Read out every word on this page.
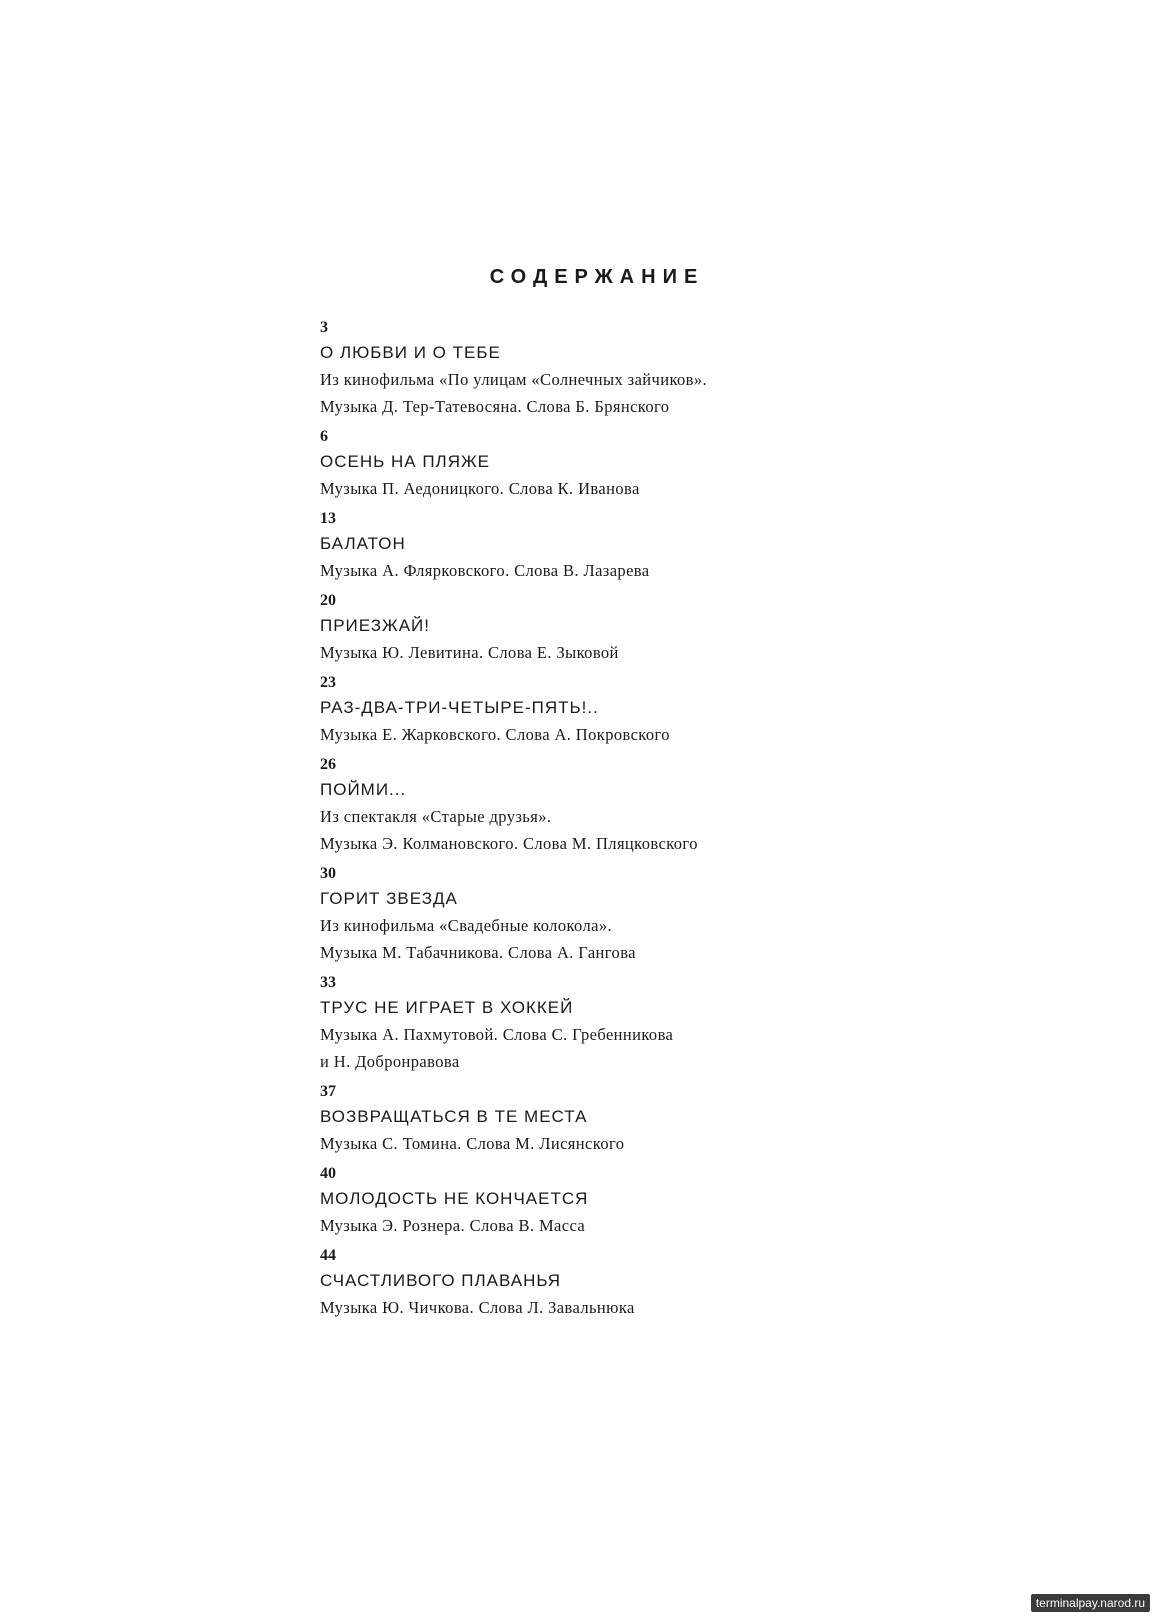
СОДЕРЖАНИЕ
3
О ЛЮБВИ И О ТЕБЕ
Из кинофильма «По улицам «Солнечных зайчиков».
Музыка Д. Тер-Татевосяна. Слова Б. Брянского
6
ОСЕНЬ НА ПЛЯЖЕ
Музыка П. Аедоницкого. Слова К. Иванова
13
БАЛАТОН
Музыка А. Флярковского. Слова В. Лазарева
20
ПРИЕЗЖАЙ!
Музыка Ю. Левитина. Слова Е. Зыковой
23
РАЗ-ДВА-ТРИ-ЧЕТЫРЕ-ПЯТЬ!..
Музыка Е. Жарковского. Слова А. Покровского
26
ПОЙМИ...
Из спектакля «Старые друзья».
Музыка Э. Колмановского. Слова М. Пляцковского
30
ГОРИТ ЗВЕЗДА
Из кинофильма «Свадебные колокола».
Музыка М. Табачникова. Слова А. Гангова
33
ТРУС НЕ ИГРАЕТ В ХОККЕЙ
Музыка А. Пахмутовой. Слова С. Гребенникова
и Н. Добронравова
37
ВОЗВРАЩАТЬСЯ В ТЕ МЕСТА
Музыка С. Томина. Слова М. Лисянского
40
МОЛОДОСТЬ НЕ КОНЧАЕТСЯ
Музыка Э. Рознера. Слова В. Масса
44
СЧАСТЛИВОГО ПЛАВАНЬЯ
Музыка Ю. Чичкова. Слова Л. Завальнюка
terminalpay.narod.ru
